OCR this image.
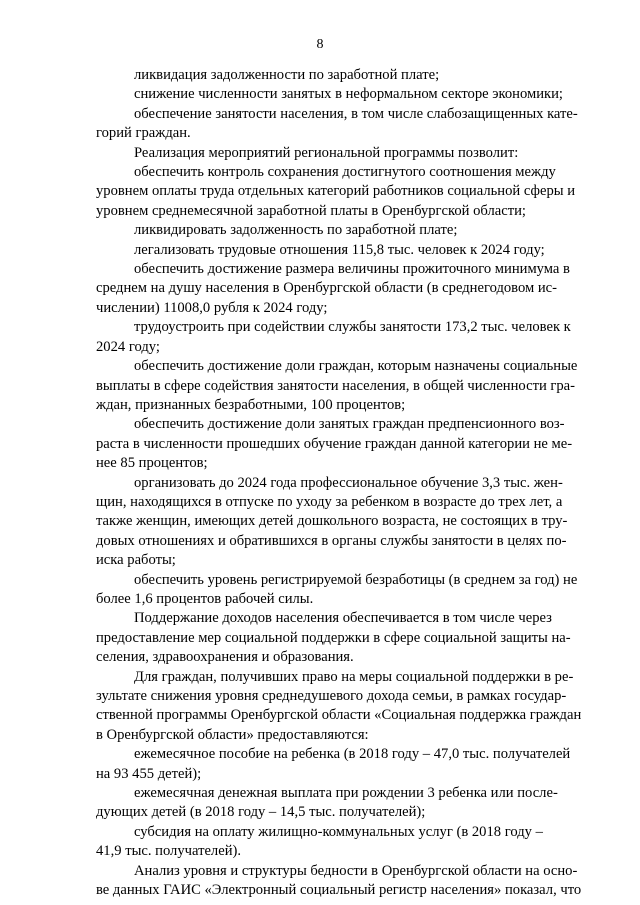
8

ликвидация задолженности по заработной плате;

снижение численности занятых в неформальном секторе экономики;

обеспечение занятости населения, в том числе слабозащищенных кате-
горий граждан.

Реализация мероприятий региональной программы позволит:

обеспечить контроль сохранения достигнутого соотношения между
уровнем оплаты труда отдельных категорий работников социальной сферы и
уровнем среднемесячной заработной платы в Оренбургской области;

ликвидировать задолженность по заработной плате;

легализовать трудовые отношения 115,8 тыс. человек к 2024 году;

обеспечить достижение размера величины прожиточного минимума в
среднем на душу населения в Оренбургской области (в среднегодовом ис-
числении) 11008,0 рубля к 2024 году;

трудоустроить при содействии службы занятости 173,2 тыс. человек к
2024 году;

обеспечить достижение доли граждан, которым назначены социальные
выплаты в сфере содействия занятости населения, в общей численности гра-
ждан, признанных безработными, 100 процентов;

обеспечить достижение доли занятых граждан предпенсионного воз-
раста в численности прошедших обучение граждан данной категории не ме-
нее 85 процентов;

организовать до 2024 года профессиональное обучение 3,3 тыс. жен-
щин, находящихся в отпуске по уходу за ребенком в возрасте до трех лет, а
также женщин, имеющих детей дошкольного возраста, не состоящих в тру-
довых отношениях и обратившихся в органы службы занятости в целях по-
иска работы;

обеспечить уровень регистрируемой безработицы (в среднем за год) не
более 1,6 процентов рабочей силы.

Поддержание доходов населения обеспечивается в том числе через
предоставление мер социальной поддержки в сфере социальной защиты на-
селения, здравоохранения и образования.

Для граждан, получивших право на меры социальной поддержки в ре-
зультате снижения уровня среднедушевого дохода семьи, в рамках государ-
ственной программы Оренбургской области «Социальная поддержка граждан
в Оренбургской области» предоставляются:

ежемесячное пособие на ребенка (в 2018 году – 47,0 тыс. получателей
на 93 455 детей);

ежемесячная денежная выплата при рождении 3 ребенка или после-
дующих детей (в 2018 году – 14,5 тыс. получателей);

субсидия на оплату жилищно-коммунальных услуг (в 2018 году –
41,9 тыс. получателей).

Анализ уровня и структуры бедности в Оренбургской области на осно-
ве данных ГАИС «Электронный социальный регистр населения» показал, что
